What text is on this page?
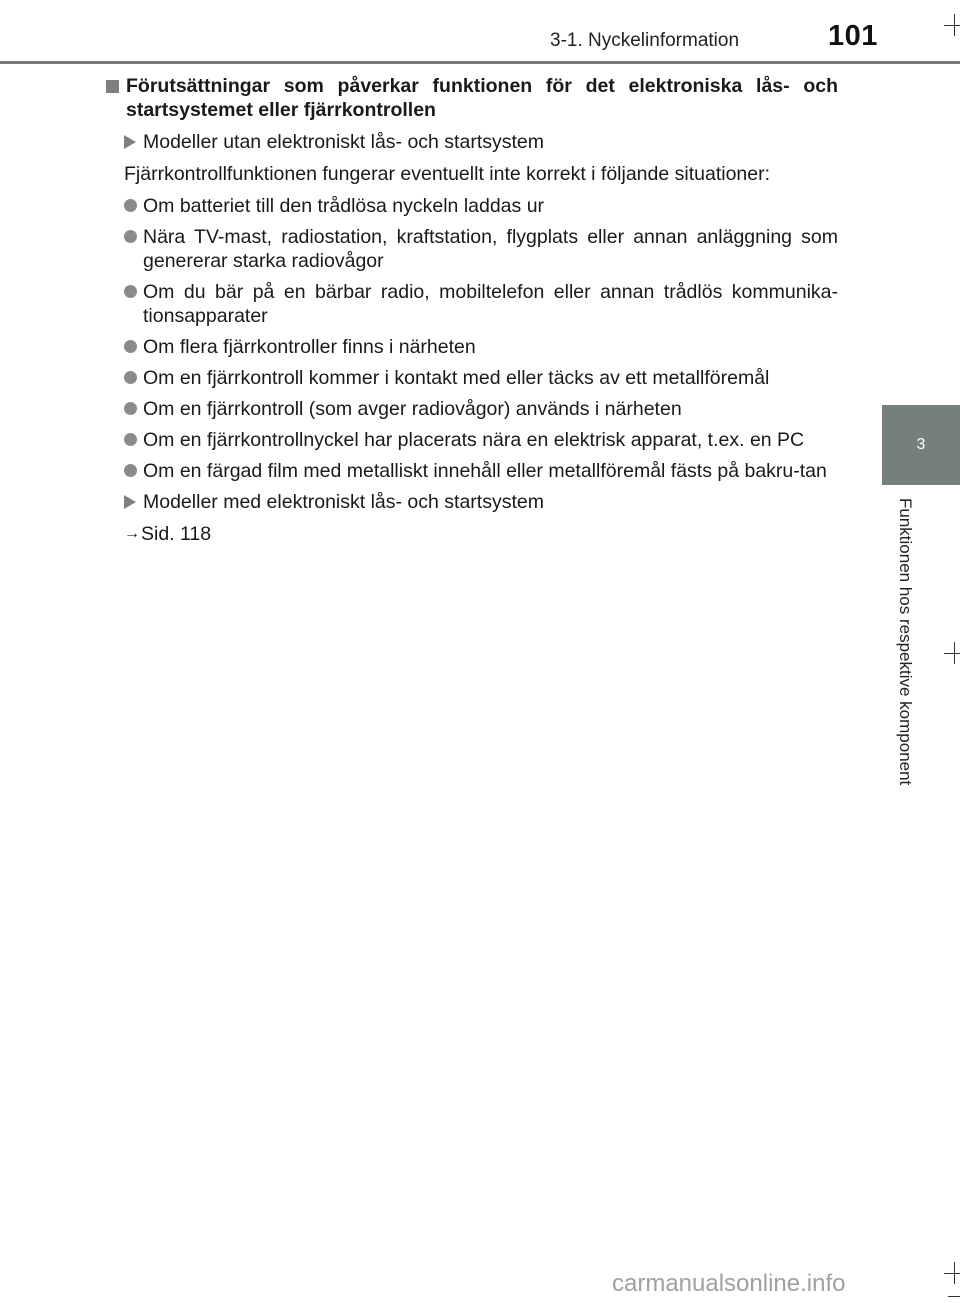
3-1. Nyckelinformation	101
3
Funktionen hos respektive komponent
Förutsättningar som påverkar funktionen för det elektroniska lås- och startsystemet eller fjärrkontrollen
Modeller utan elektroniskt lås- och startsystem
Fjärrkontrollfunktionen fungerar eventuellt inte korrekt i följande situationer:
Om batteriet till den trådlösa nyckeln laddas ur
Nära TV-mast, radiostation, kraftstation, flygplats eller annan anläggning som genererar starka radiovågor
Om du bär på en bärbar radio, mobiltelefon eller annan trådlös kommunika-tionsapparater
Om flera fjärrkontroller finns i närheten
Om en fjärrkontroll kommer i kontakt med eller täcks av ett metallföremål
Om en fjärrkontroll (som avger radiovågor) används i närheten
Om en fjärrkontrollnyckel har placerats nära en elektrisk apparat, t.ex. en PC
Om en färgad film med metalliskt innehåll eller metallföremål fästs på bakru-tan
Modeller med elektroniskt lås- och startsystem
→ Sid. 118
carmanualsonline.info
